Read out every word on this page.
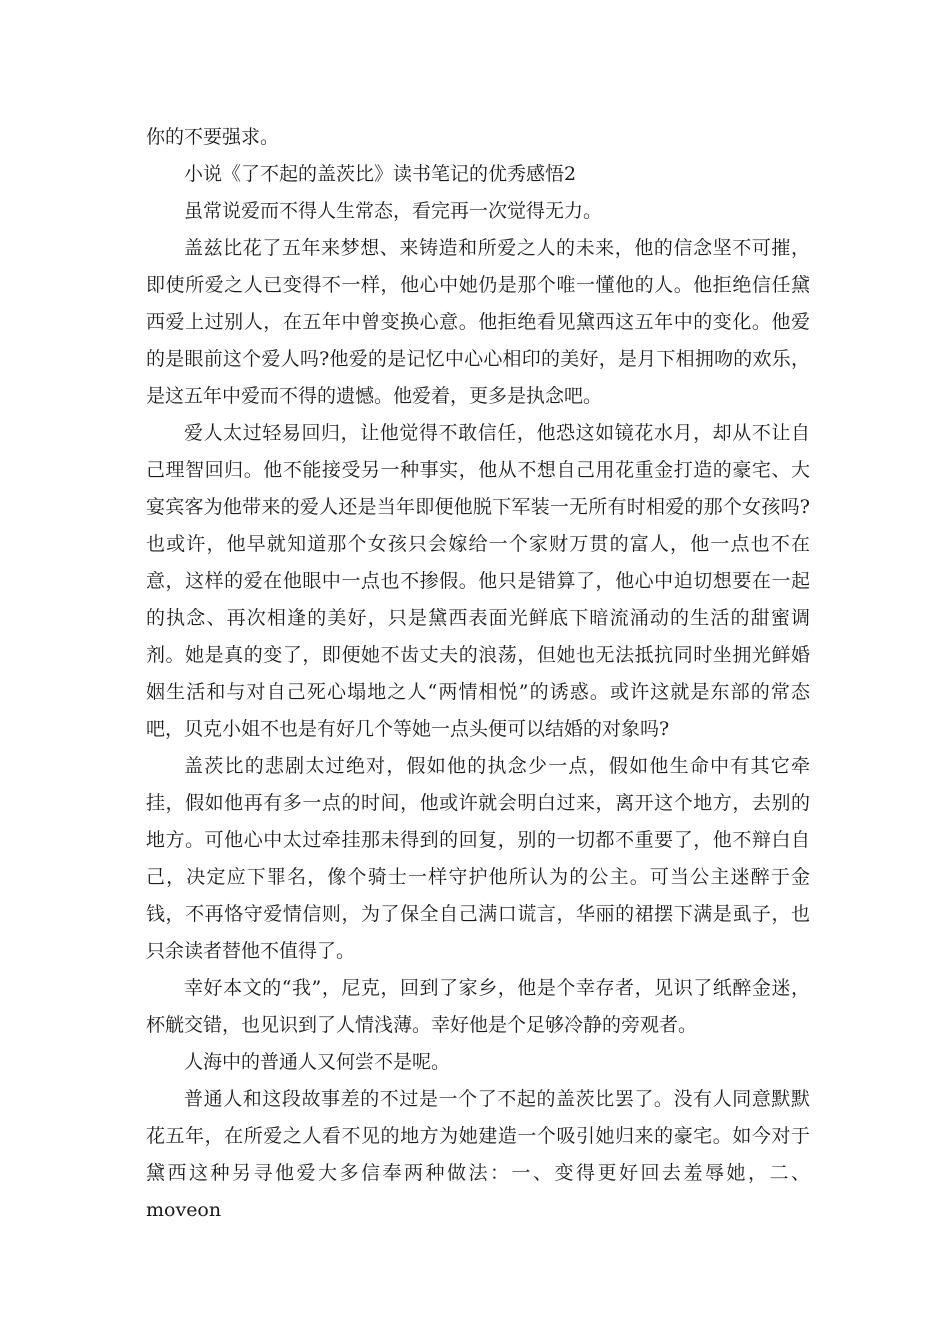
你的不要强求。

小说《了不起的盖茨比》读书笔记的优秀感悟2

虽常说爱而不得人生常态，看完再一次觉得无力。

盖兹比花了五年来梦想、来铸造和所爱之人的未来，他的信念坚不可摧，即使所爱之人已变得不一样，他心中她仍是那个唯一懂他的人。他拒绝信任黛西爱上过别人，在五年中曾变换心意。他拒绝看见黛西这五年中的变化。他爱的是眼前这个爱人吗?他爱的是记忆中心心相印的美好，是月下相拥吻的欢乐，是这五年中爱而不得的遗憾。他爱着，更多是执念吧。

爱人太过轻易回归，让他觉得不敢信任，他恐这如镜花水月，却从不让自己理智回归。他不能接受另一种事实，他从不想自己用花重金打造的豪宅、大宴宾客为他带来的爱人还是当年即便他脱下军装一无所有时相爱的那个女孩吗?也或许，他早就知道那个女孩只会嫁给一个家财万贯的富人，他一点也不在意，这样的爱在他眼中一点也不掺假。他只是错算了，他心中迫切想要在一起的执念、再次相逢的美好，只是黛西表面光鲜底下暗流涌动的生活的甜蜜调剂。她是真的变了，即便她不齿丈夫的浪荡，但她也无法抵抗同时坐拥光鲜婚姻生活和与对自己死心塌地之人“两情相悦”的诱惑。或许这就是东部的常态吧，贝克小姐不也是有好几个等她一点头便可以结婚的对象吗?

盖茨比的悲剧太过绝对，假如他的执念少一点，假如他生命中有其它牵挂，假如他再有多一点的时间，他或许就会明白过来，离开这个地方，去别的地方。可他心中太过牵挂那未得到的回复，别的一切都不重要了，他不辩白自己，决定应下罪名，像个骑士一样守护他所认为的公主。可当公主迷醉于金钱，不再恪守爱情信则，为了保全自己满口谎言，华丽的裙摆下满是虱子，也只余读者替他不值得了。

幸好本文的“我”，尼克，回到了家乡，他是个幸存者，见识了纸醉金迷，杯觥交错，也见识到了人情浅薄。幸好他是个足够冷静的旁观者。

人海中的普通人又何尝不是呢。

普通人和这段故事差的不过是一个了不起的盖茨比罢了。没有人同意默默花五年，在所爱之人看不见的地方为她建造一个吸引她归来的豪宅。如今对于黛西这种另寻他爱大多信奉两种做法：一、变得更好回去羞辱她，二、moveon
